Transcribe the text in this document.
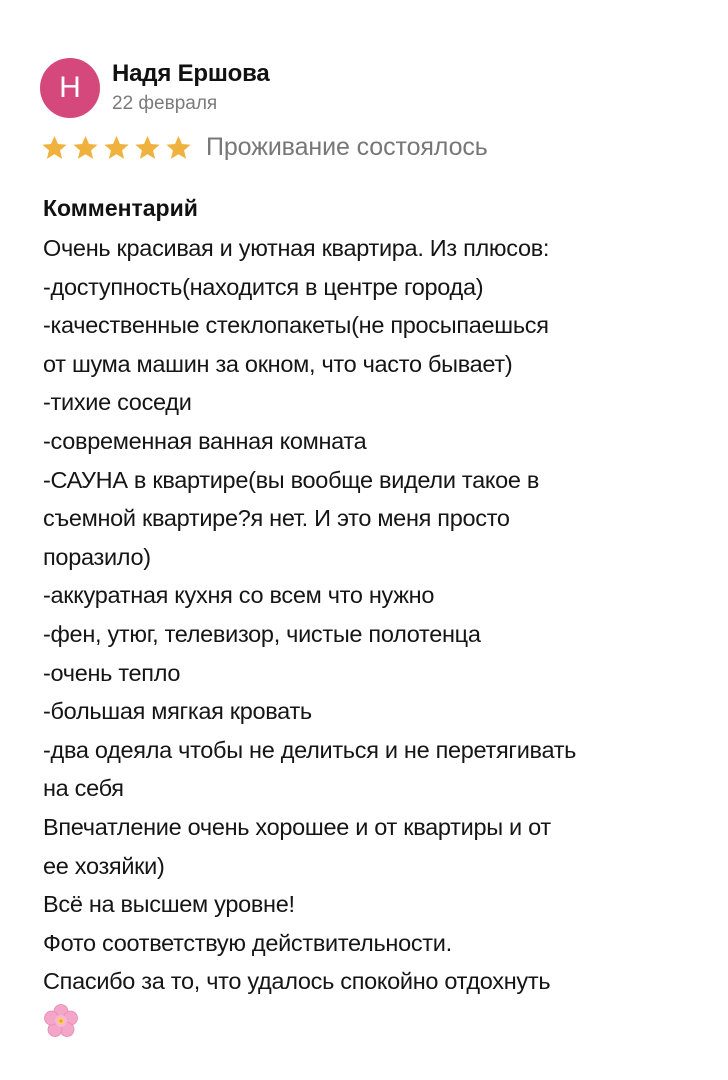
Н	Надя Ершова
22 февраля
Проживание состоялось
Комментарий
Очень красивая и уютная квартира. Из плюсов:
-доступность(находится в центре города)
-качественные стеклопакеты(не просыпаешься
от шума машин за окном, что часто бывает)
-тихие соседи
-современная ванная комната
-САУНА в квартире(вы вообще видели такое в
съемной квартире?я нет. И это меня просто
поразило)
-аккуратная кухня со всем что нужно
-фен, утюг, телевизор, чистые полотенца
-очень тепло
-большая мягкая кровать
-два одеяла чтобы не делиться и не перетягивать
на себя
Впечатление очень хорошее и от квартиры и от
ее хозяйки)
Всё на высшем уровне!
Фото соответствую действительности.
Спасибо за то, что удалось спокойно отдохнуть
